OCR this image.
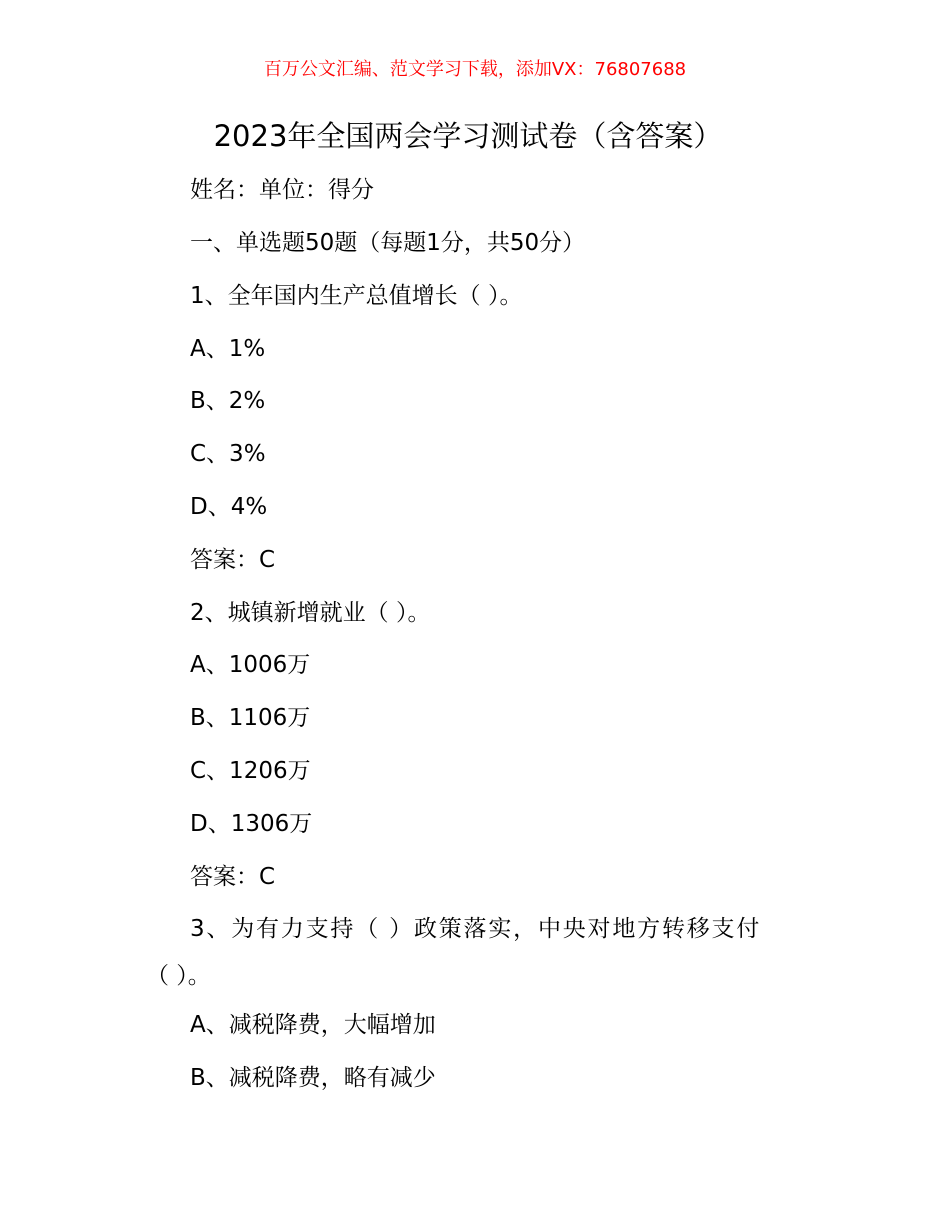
百万公文汇编、范文学习下载，添加VX：76807688
2023年全国两会学习测试卷（含答案）
姓名：单位：得分
一、单选题50题（每题1分，共50分）
1、全年国内生产总值增长（ ）。
A、1%
B、2%
C、3%
D、4%
答案：C
2、城镇新增就业（ ）。
A、1006万
B、1106万
C、1206万
D、1306万
答案：C
3、为有力支持（ ）政策落实，中央对地方转移支付
（ ）。
A、减税降费，大幅增加
B、减税降费，略有减少
